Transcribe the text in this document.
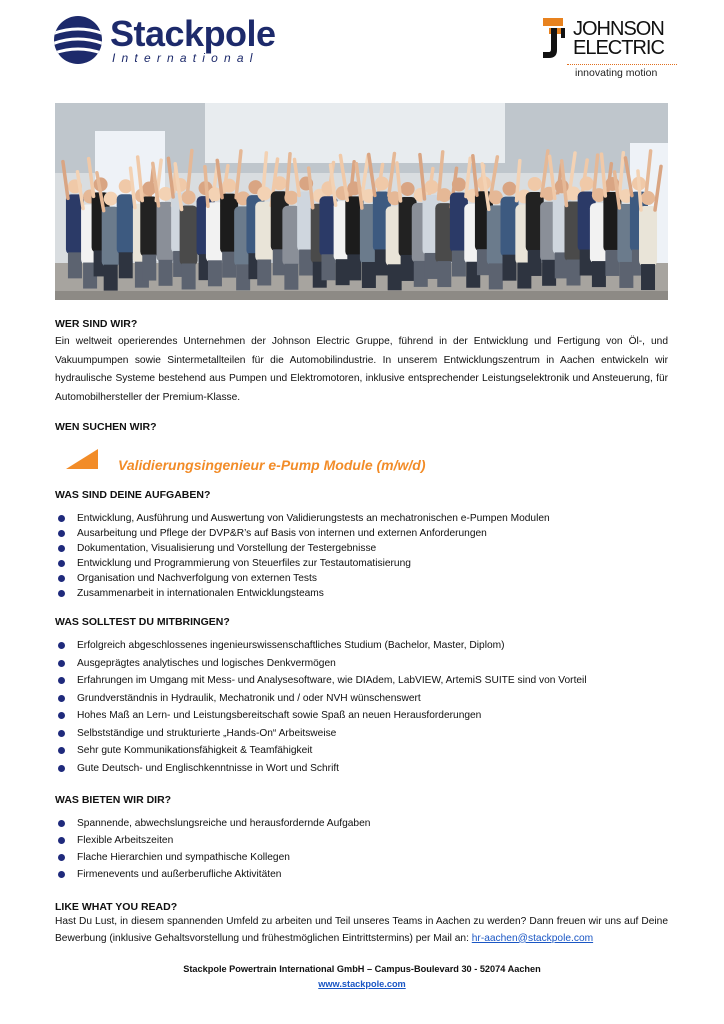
Stackpole
International
JOHNSON
ELECTRIC
innovating motion
WER SIND WIR?
Ein weltweit operierendes Unternehmen der Johnson Electric Gruppe, führend in der Entwicklung und Fertigung von Öl-, und Vakuumpumpen sowie Sintermetallteilen für die Automobilindustrie. In unserem Entwicklungszentrum in Aachen entwickeln wir hydraulische Systeme bestehend aus Pumpen und Elektromotoren, inklusive entsprechender Leistungselektronik und Ansteuerung, für Automobilhersteller der Premium-Klasse.
WEN SUCHEN WIR?
Validierungsingenieur e-Pump Module (m/w/d)
WAS SIND DEINE AUFGABEN?
Entwicklung, Ausführung und Auswertung von Validierungstests an mechatronischen e-Pumpen Modulen
Ausarbeitung und Pflege der DVP&R’s auf Basis von internen und externen Anforderungen
Dokumentation, Visualisierung und Vorstellung der Testergebnisse
Entwicklung und Programmierung von Steuerfiles zur Testautomatisierung
Organisation und Nachverfolgung von externen Tests
Zusammenarbeit in internationalen Entwicklungsteams
WAS SOLLTEST DU MITBRINGEN?
Erfolgreich abgeschlossenes ingenieurswissenschaftliches Studium (Bachelor, Master, Diplom)
Ausgeprägtes analytisches und logisches Denkvermögen
Erfahrungen im Umgang mit Mess- und Analysesoftware, wie DIAdem, LabVIEW, ArtemiS SUITE sind von Vorteil
Grundverständnis in Hydraulik, Mechatronik und / oder NVH wünschenswert
Hohes Maß an Lern- und Leistungsbereitschaft sowie Spaß an neuen Herausforderungen
Selbstständige und strukturierte „Hands-On“ Arbeitsweise
Sehr gute Kommunikationsfähigkeit & Teamfähigkeit
Gute Deutsch- und Englischkenntnisse in Wort und Schrift
WAS BIETEN WIR DIR?
Spannende, abwechslungsreiche und herausfordernde Aufgaben
Flexible Arbeitszeiten
Flache Hierarchien und sympathische Kollegen
Firmenevents und außerberufliche Aktivitäten
LIKE WHAT YOU READ?
Hast Du Lust, in diesem spannenden Umfeld zu arbeiten und Teil unseres Teams in Aachen zu werden? Dann freuen wir uns auf Deine Bewerbung (inklusive Gehaltsvorstellung und frühestmöglichen Eintrittstermins) per Mail an: hr-aachen@stackpole.com
Stackpole Powertrain International GmbH – Campus-Boulevard 30 - 52074 Aachen
www.stackpole.com
